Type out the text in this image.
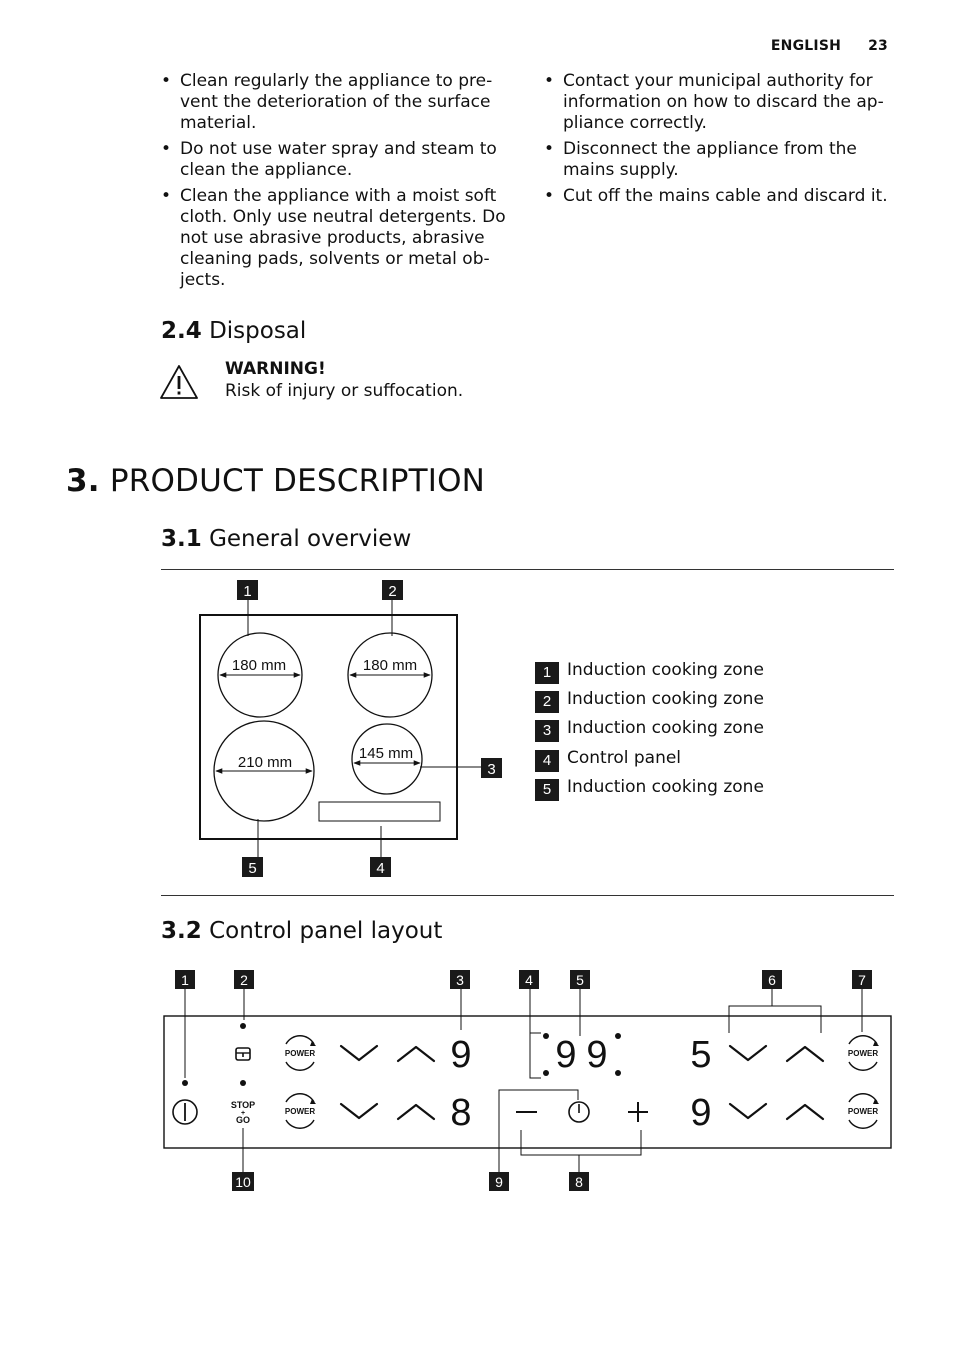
ENGLISH 23
• Clean regularly the appliance to pre-
vent the deterioration of the surface
material.
• Do not use water spray and steam to
clean the appliance.
• Clean the appliance with a moist soft
cloth. Only use neutral detergents. Do
not use abrasive products, abrasive
cleaning pads, solvents or metal ob-
jects.
• Contact your municipal authority for
information on how to discard the ap-
pliance correctly.
• Disconnect the appliance from the
mains supply.
• Cut off the mains cable and discard it.
2.4 Disposal
WARNING!
Risk of injury or suffocation.
3. PRODUCT DESCRIPTION
3.1 General overview
180 mm	180 mm
210 mm
145 mm
1	2
3
4
5
1 Induction cooking zone
2 Induction cooking zone
3 Induction cooking zone
4 Control panel
5 Induction cooking zone
3.2 Control panel layout
1	2	3	4	5	6	7
10	9	8
STOP
+
GO
POWER
POWER
POWER
POWER
9
8
9 9 5
9
